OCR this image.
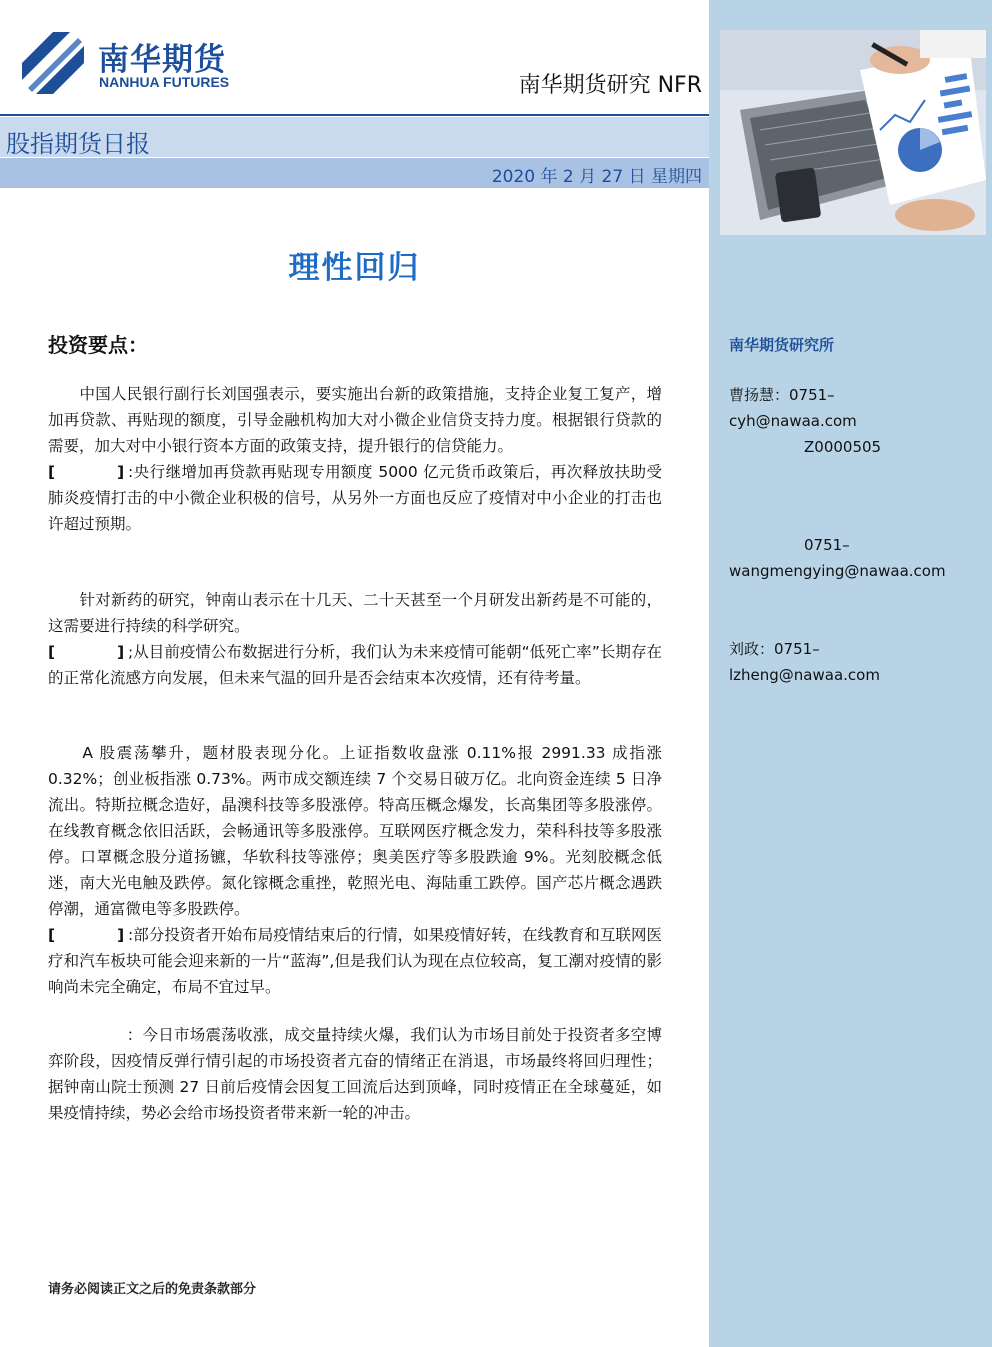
南华期货
NANHUA FUTURES	南华期货研究 NFR
股指期货日报
2020 年 2 月 27 日 星期四
理性回归
投资要点：

　　中国人民银行副行长刘国强表示，要实施出台新的政策措施，支持企业复工复产，增加再贷款、再贴现的额度，引导金融机构加大对小微企业信贷支持力度。根据银行贷款的需要，加大对中小银行资本方面的政策支持，提升银行的信贷能力。

[　　　　] :央行继增加再贷款再贴现专用额度 5000 亿元货币政策后，再次释放扶助受肺炎疫情打击的中小微企业积极的信号，从另外一方面也反应了疫情对中小企业的打击也许超过预期。

　　针对新药的研究，钟南山表示在十几天、二十天甚至一个月研发出新药是不可能的，这需要进行持续的科学研究。

[　　　　] ;从目前疫情公布数据进行分析，我们认为未来疫情可能朝“低死亡率”长期存在的正常化流感方向发展，但未来气温的回升是否会结束本次疫情，还有待考量。

　　A 股震荡攀升，题材股表现分化。上证指数收盘涨 0.11%报 2991.33 成指涨 0.32%；创业板指涨 0.73%。两市成交额连续 7 个交易日破万亿。北向资金连续 5 日净流出。特斯拉概念造好，晶澳科技等多股涨停。特高压概念爆发，长高集团等多股涨停。在线教育概念依旧活跃，会畅通讯等多股涨停。互联网医疗概念发力，荣科科技等多股涨停。口罩概念股分道扬镳，华软科技等涨停；奥美医疗等多股跌逾 9%。光刻胶概念低迷，南大光电触及跌停。氮化镓概念重挫，乾照光电、海陆重工跌停。国产芯片概念遇跌停潮，通富微电等多股跌停。

[　　　　] :部分投资者开始布局疫情结束后的行情，如果疫情好转，在线教育和互联网医疗和汽车板块可能会迎来新的一片“蓝海”,但是我们认为现在点位较高，复工潮对疫情的影响尚未完全确定，布局不宜过早。

　　　　　：今日市场震荡收涨，成交量持续火爆，我们认为市场目前处于投资者多空博弈阶段，因疫情反弹行情引起的市场投资者亢奋的情绪正在消退，市场最终将回归理性；据钟南山院士预测 27 日前后疫情会因复工回流后达到顶峰，同时疫情正在全球蔓延，如果疫情持续，势必会给市场投资者带来新一轮的冲击。

请务必阅读正文之后的免责条款部分
南华期货研究所
曹扬慧：0751–
cyh@nawaa.com
　　　　　Z0000505
　　　　　0751–
wangmengying@nawaa.com
刘政：0751–
lzheng@nawaa.com
